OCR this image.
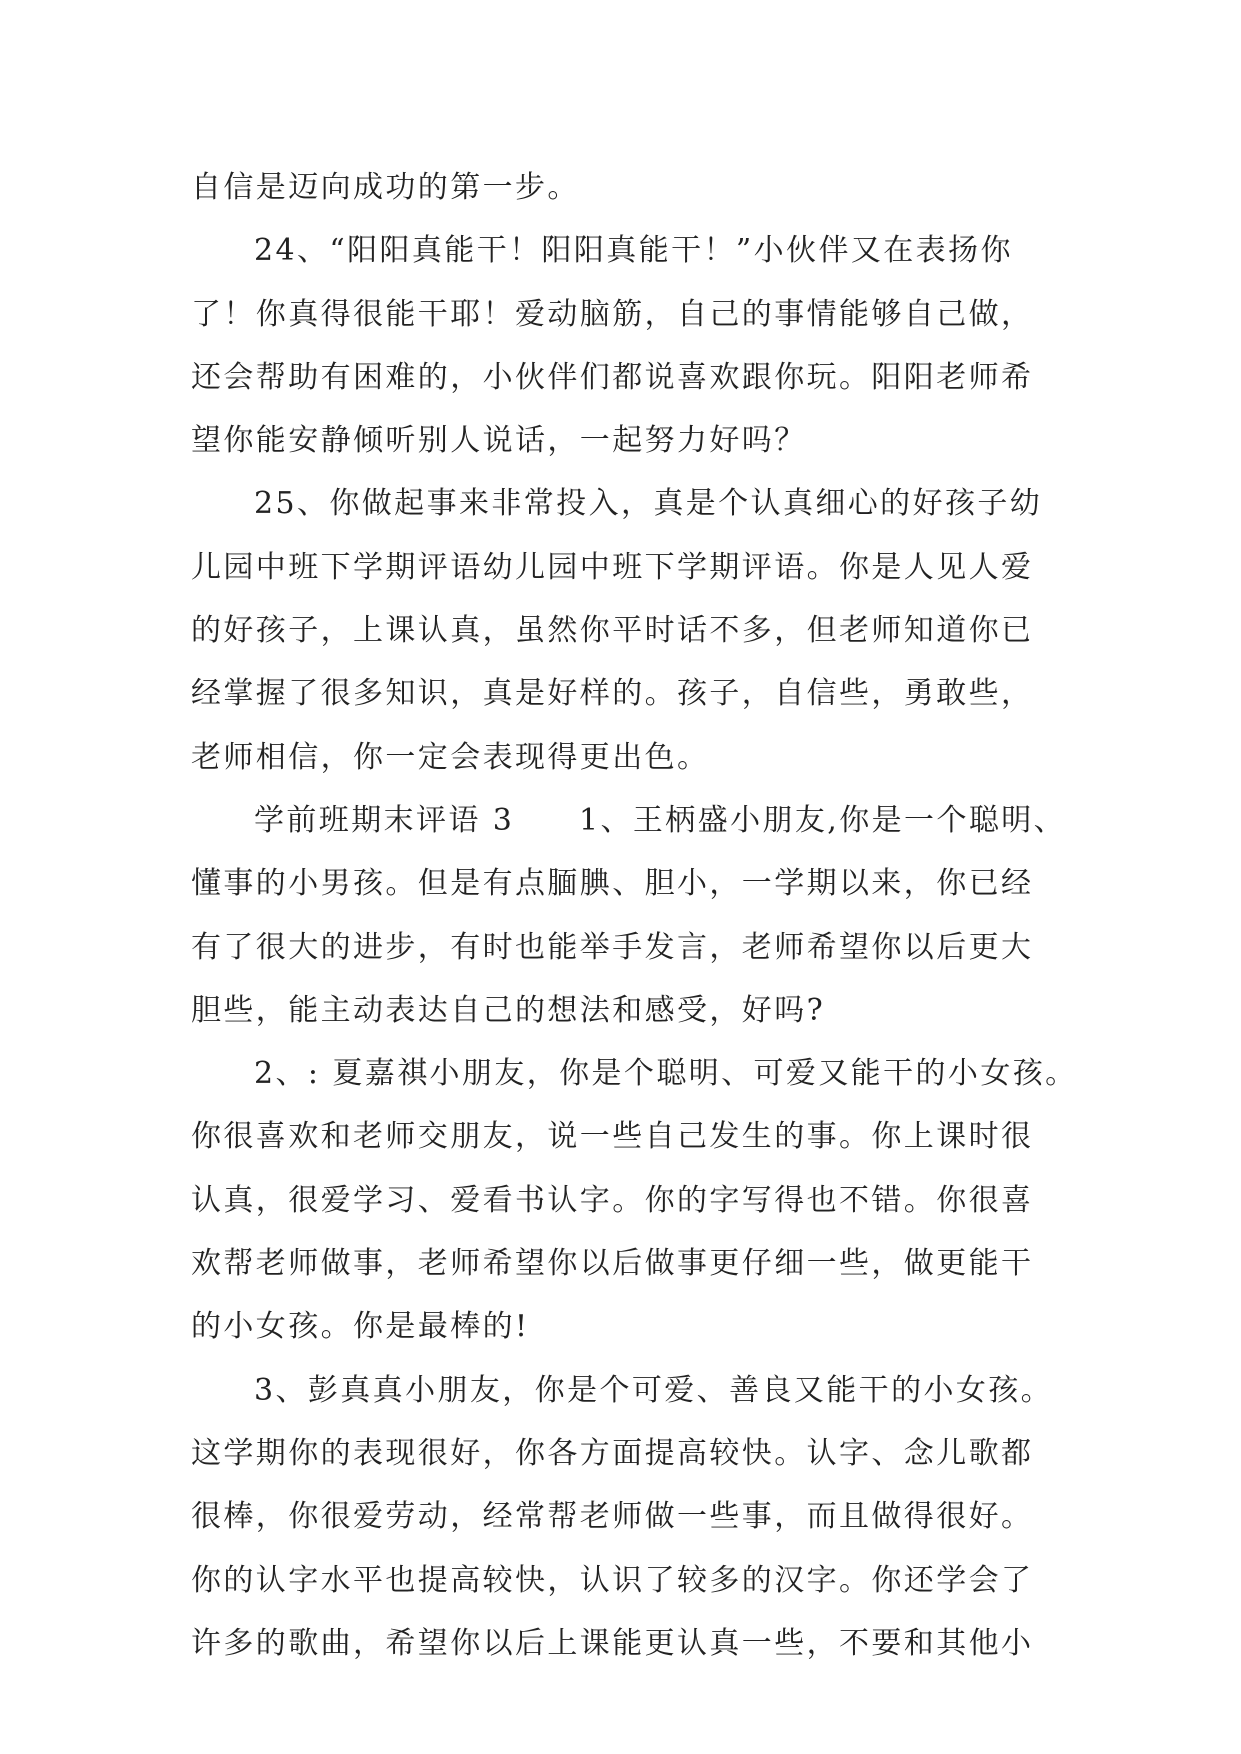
自信是迈向成功的第一步。
24、“阳阳真能干！阳阳真能干！”小伙伴又在表扬你
了！你真得很能干耶！爱动脑筋，自己的事情能够自己做，
还会帮助有困难的，小伙伴们都说喜欢跟你玩。阳阳老师希
望你能安静倾听别人说话，一起努力好吗？
25、你做起事来非常投入，真是个认真细心的好孩子幼
儿园中班下学期评语幼儿园中班下学期评语。你是人见人爱
的好孩子，上课认真，虽然你平时话不多，但老师知道你已
经掌握了很多知识，真是好样的。孩子，自信些，勇敢些，
老师相信，你一定会表现得更出色。
学前班期末评语 3　　1、王柄盛小朋友,你是一个聪明、
懂事的小男孩。但是有点腼腆、胆小，一学期以来，你已经
有了很大的进步，有时也能举手发言，老师希望你以后更大
胆些，能主动表达自己的想法和感受，好吗?
2、: 夏嘉祺小朋友，你是个聪明、可爱又能干的小女孩。
你很喜欢和老师交朋友，说一些自己发生的事。你上课时很
认真，很爱学习、爱看书认字。你的字写得也不错。你很喜
欢帮老师做事，老师希望你以后做事更仔细一些，做更能干
的小女孩。你是最棒的!
3、彭真真小朋友，你是个可爱、善良又能干的小女孩。
这学期你的表现很好，你各方面提高较快。认字、念儿歌都
很棒，你很爱劳动，经常帮老师做一些事，而且做得很好。
你的认字水平也提高较快，认识了较多的汉字。你还学会了
许多的歌曲，希望你以后上课能更认真一些，不要和其他小
